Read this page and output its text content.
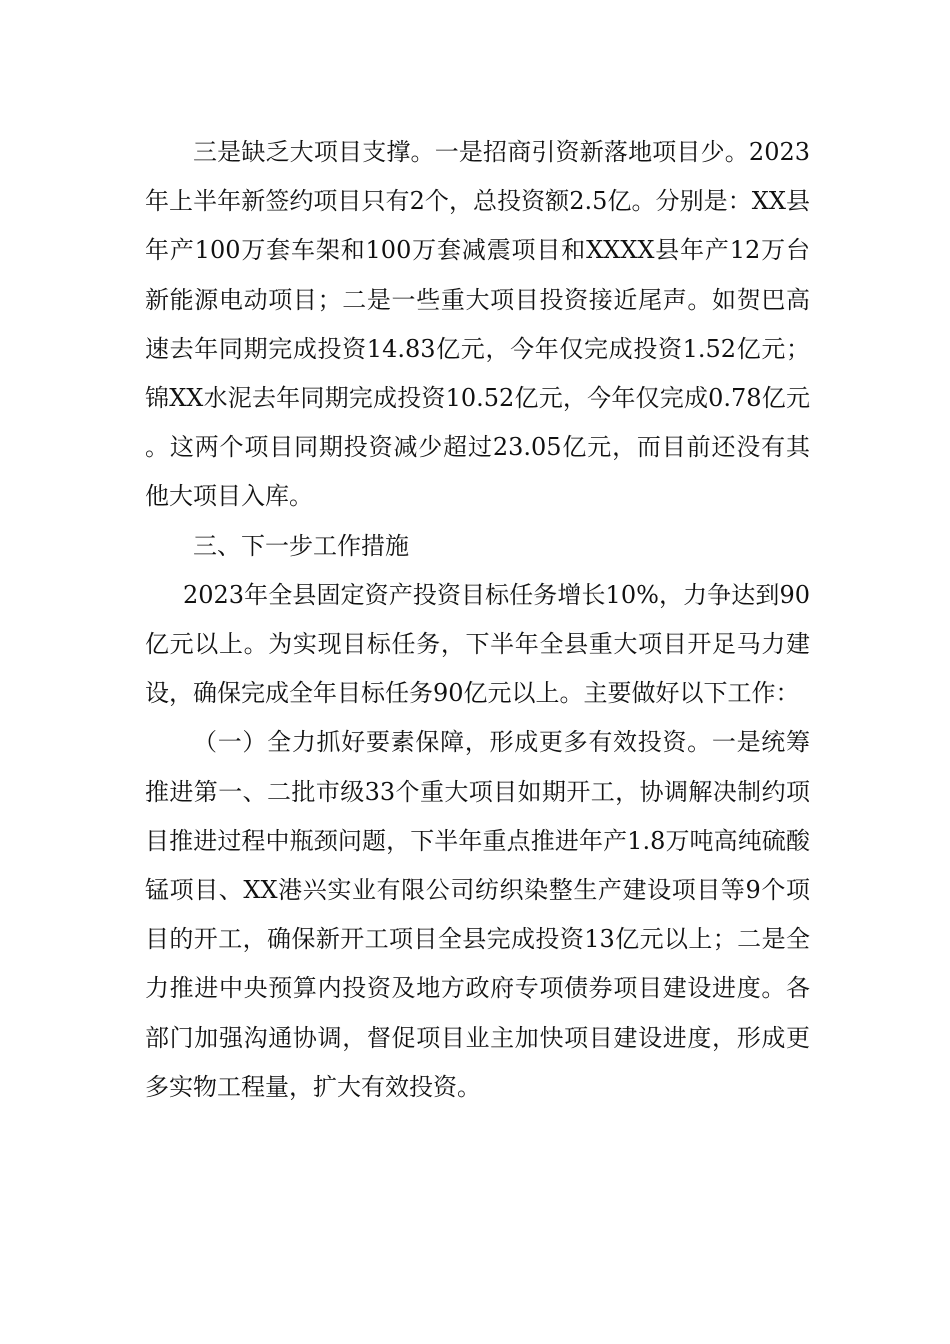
三是缺乏大项目支撑。一是招商引资新落地项目少。2023年上半年新签约项目只有2个，总投资额2.5亿。分别是：XX县年产100万套车架和100万套减震项目和XXXX县年产12万台新能源电动项目；二是一些重大项目投资接近尾声。如贺巴高速去年同期完成投资14.83亿元，今年仅完成投资1.52亿元；锦XX水泥去年同期完成投资10.52亿元，今年仅完成0.78亿元。这两个项目同期投资减少超过23.05亿元，而目前还没有其他大项目入库。

三、下一步工作措施

2023年全县固定资产投资目标任务增长10%，力争达到90亿元以上。为实现目标任务，下半年全县重大项目开足马力建设，确保完成全年目标任务90亿元以上。主要做好以下工作：

（一）全力抓好要素保障，形成更多有效投资。一是统筹推进第一、二批市级33个重大项目如期开工，协调解决制约项目推进过程中瓶颈问题，下半年重点推进年产1.8万吨高纯硫酸锰项目、XX港兴实业有限公司纺织染整生产建设项目等9个项目的开工，确保新开工项目全县完成投资13亿元以上；二是全力推进中央预算内投资及地方政府专项债券项目建设进度。各部门加强沟通协调，督促项目业主加快项目建设进度，形成更多实物工程量，扩大有效投资。
